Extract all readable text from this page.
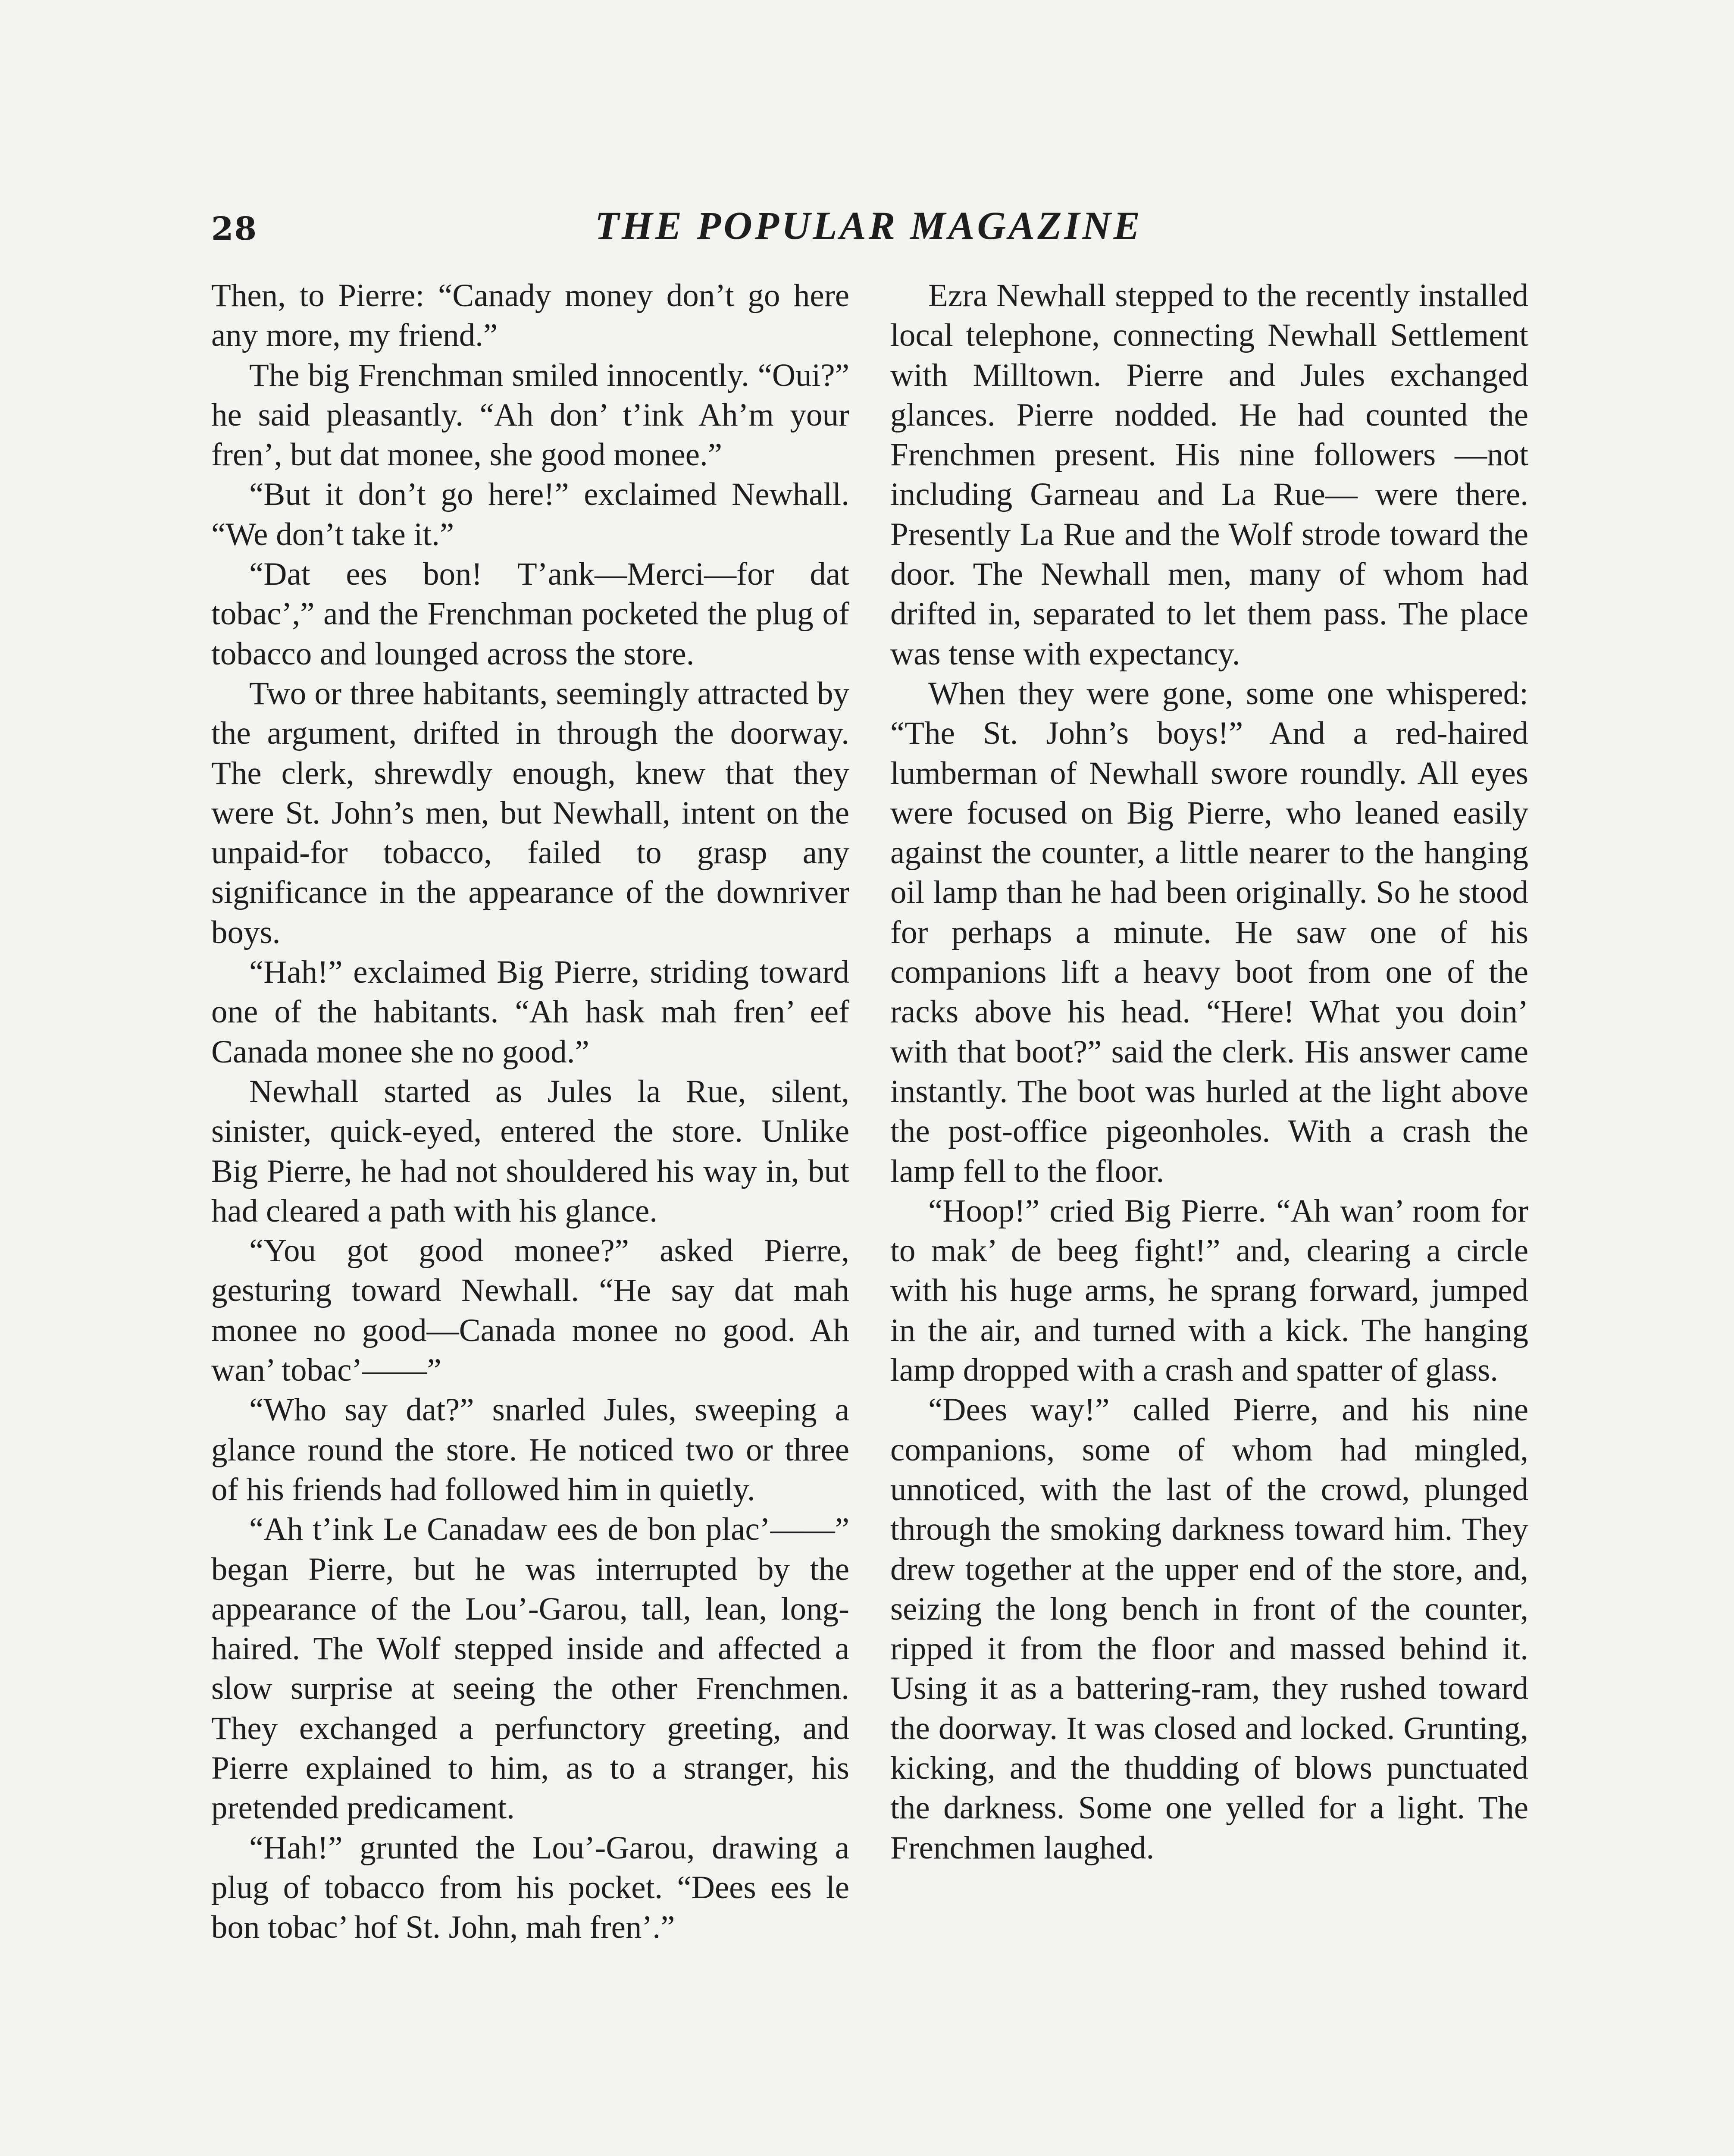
28	THE POPULAR MAGAZINE

Then, to Pierre: “Canady money don’t go here any more, my friend.”

The big Frenchman smiled innocently. “Oui?” he said pleasantly. “Ah don’ t’ink Ah’m your fren’, but dat monee, she good monee.”

“But it don’t go here!” exclaimed Newhall. “We don’t take it.”

“Dat ees bon! T’ank—Merci—for dat tobac’,” and the Frenchman pocketed the plug of tobacco and lounged across the store.

Two or three habitants, seemingly attracted by the argument, drifted in through the doorway. The clerk, shrewdly enough, knew that they were St. John’s men, but Newhall, intent on the unpaid-for tobacco, failed to grasp any significance in the appearance of the downriver boys.

“Hah!” exclaimed Big Pierre, striding toward one of the habitants. “Ah hask mah fren’ eef Canada monee she no good.”

Newhall started as Jules la Rue, silent, sinister, quick-eyed, entered the store. Unlike Big Pierre, he had not shouldered his way in, but had cleared a path with his glance.

“You got good monee?” asked Pierre, gesturing toward Newhall. “He say dat mah monee no good—Canada monee no good. Ah wan’ tobac’——”

“Who say dat?” snarled Jules, sweeping a glance round the store. He noticed two or three of his friends had followed him in quietly.

“Ah t’ink Le Canadaw ees de bon plac’——” began Pierre, but he was interrupted by the appearance of the Lou’-Garou, tall, lean, long-haired. The Wolf stepped inside and affected a slow surprise at seeing the other Frenchmen. They exchanged a perfunctory greeting, and Pierre explained to him, as to a stranger, his pretended predicament.

“Hah!” grunted the Lou’-Garou, drawing a plug of tobacco from his pocket. “Dees ees le bon tobac’ hof St. John, mah fren’.”

Ezra Newhall stepped to the recently installed local telephone, connecting Newhall Settlement with Milltown. Pierre and Jules exchanged glances. Pierre nodded. He had counted the Frenchmen present. His nine followers —not including Garneau and La Rue— were there. Presently La Rue and the Wolf strode toward the door. The Newhall men, many of whom had drifted in, separated to let them pass. The place was tense with expectancy.

When they were gone, some one whispered: “The St. John’s boys!” And a red-haired lumberman of Newhall swore roundly. All eyes were focused on Big Pierre, who leaned easily against the counter, a little nearer to the hanging oil lamp than he had been originally. So he stood for perhaps a minute. He saw one of his companions lift a heavy boot from one of the racks above his head. “Here! What you doin’ with that boot?” said the clerk. His answer came instantly. The boot was hurled at the light above the post-office pigeonholes. With a crash the lamp fell to the floor.

“Hoop!” cried Big Pierre. “Ah wan’ room for to mak’ de beeg fight!” and, clearing a circle with his huge arms, he sprang forward, jumped in the air, and turned with a kick. The hanging lamp dropped with a crash and spatter of glass.

“Dees way!” called Pierre, and his nine companions, some of whom had mingled, unnoticed, with the last of the crowd, plunged through the smoking darkness toward him. They drew together at the upper end of the store, and, seizing the long bench in front of the counter, ripped it from the floor and massed behind it. Using it as a battering-ram, they rushed toward the doorway. It was closed and locked. Grunting, kicking, and the thudding of blows punctuated the darkness. Some one yelled for a light. The Frenchmen laughed.
